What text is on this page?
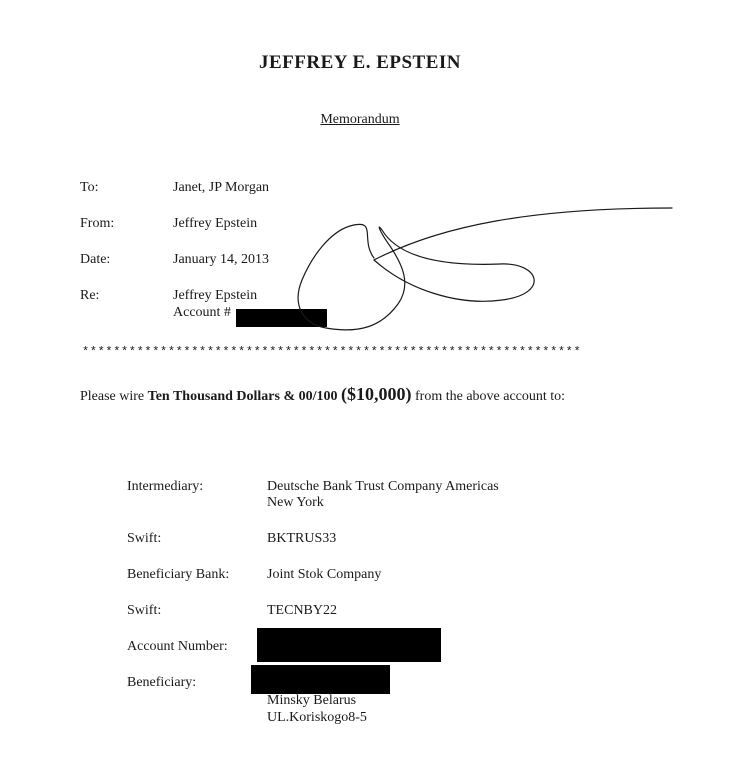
JEFFREY E. EPSTEIN
Memorandum
To:	Janet, JP Morgan
From:	Jeffrey Epstein
Date:	January 14, 2013
Re:	Jeffrey Epstein
Account #
****************************************************************
Please wire Ten Thousand Dollars & 00/100 ($10,000) from the above account to:
Intermediary:	Deutsche Bank Trust Company Americas
New York
Swift:	BKTRUS33
Beneficiary Bank:	Joint Stok Company
Swift:	TECNBY22
Account Number:
Beneficiary:
Minsky Belarus
UL.Koriskogo8-5
